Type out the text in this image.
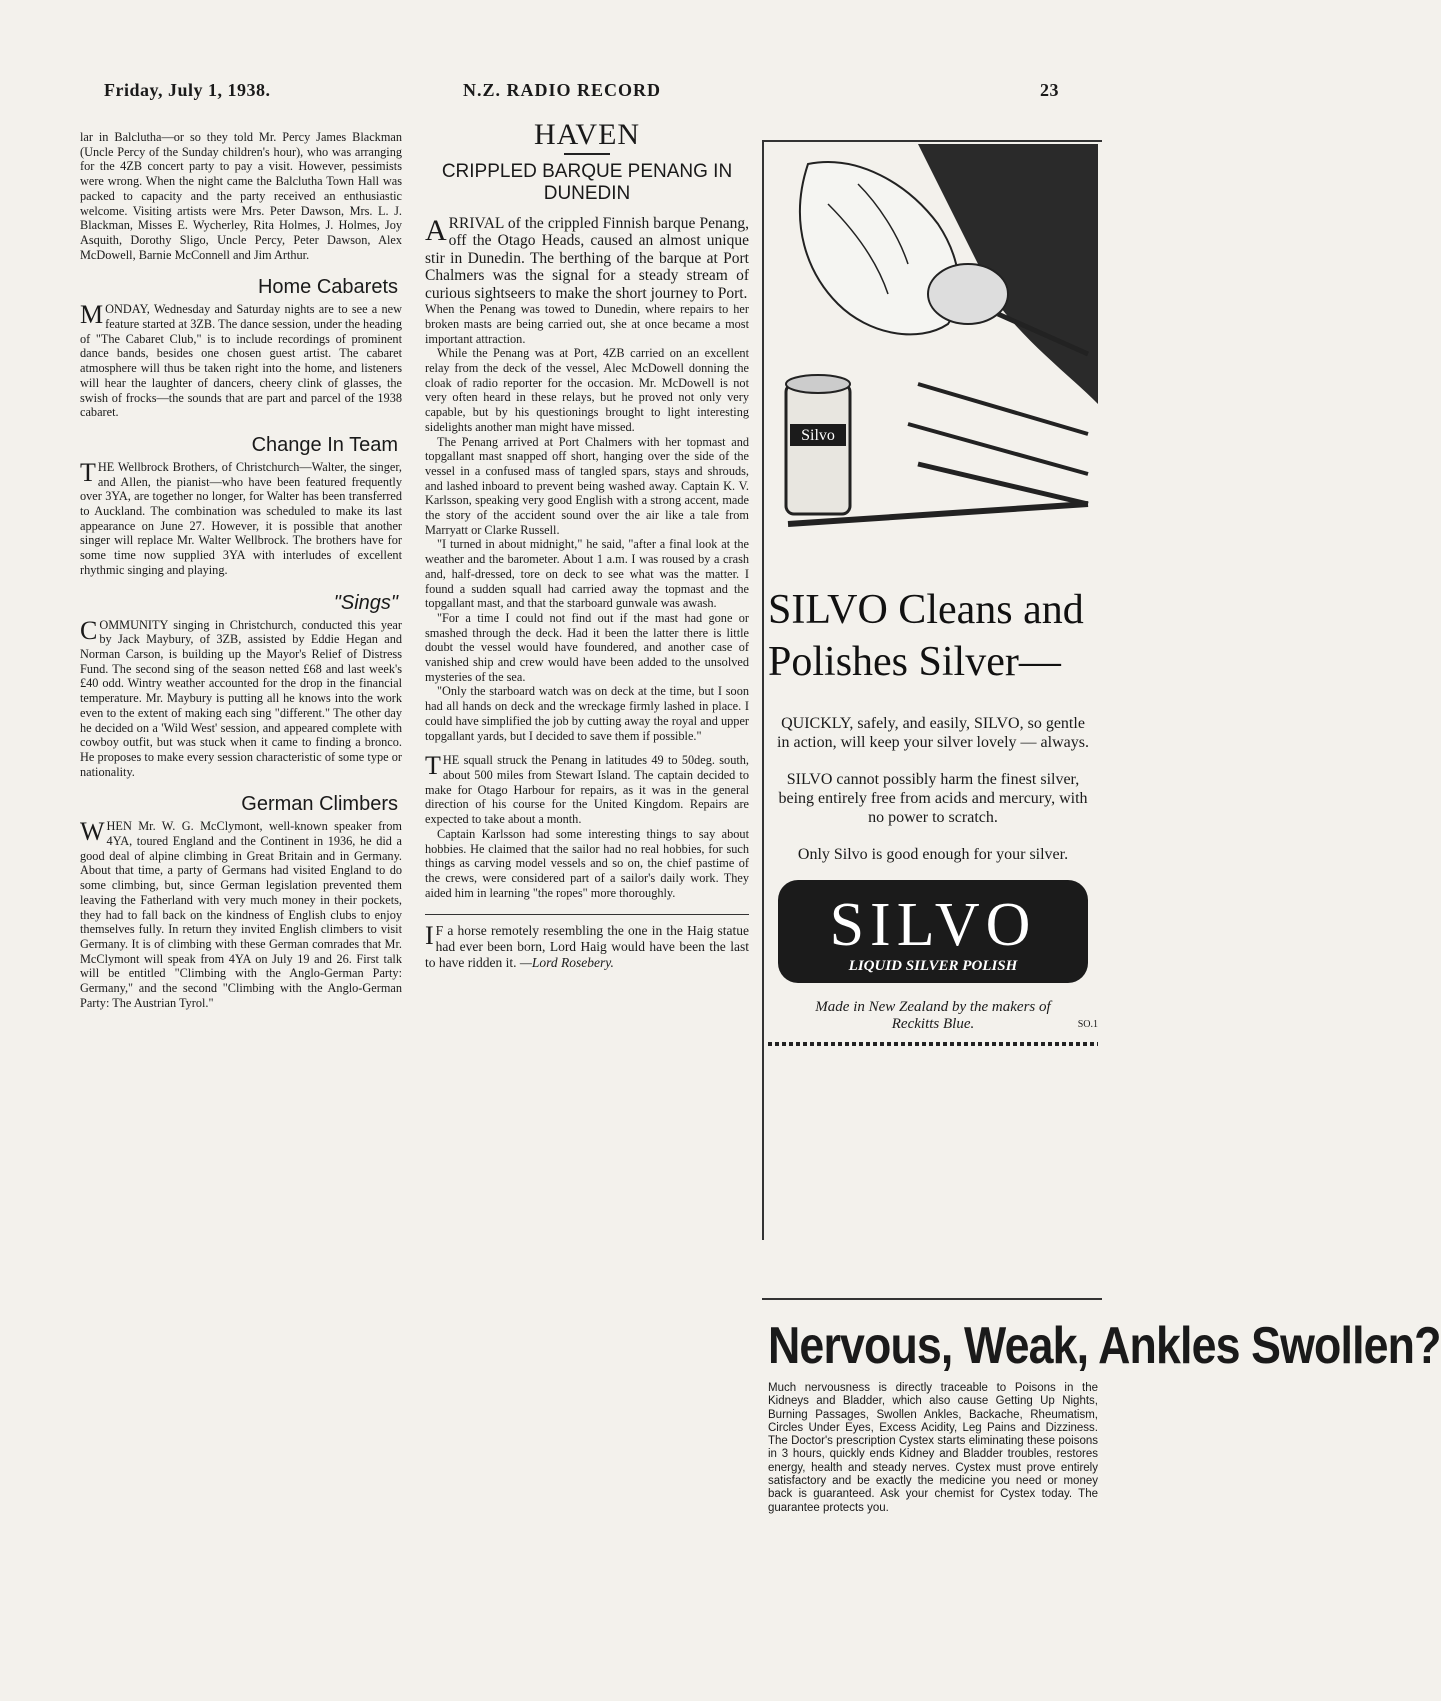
Friday, July 1, 1938.	N.Z. RADIO RECORD	23

lar in Balclutha—or so they told Mr. Percy James Blackman (Uncle Percy of the Sunday children's hour), who was arranging for the 4ZB concert party to pay a visit. However, pessimists were wrong. When the night came the Balclutha Town Hall was packed to capacity and the party received an enthusiastic welcome. Visiting artists were Mrs. Peter Dawson, Mrs. L. J. Blackman, Misses E. Wycherley, Rita Holmes, J. Holmes, Joy Asquith, Dorothy Sligo, Uncle Percy, Peter Dawson, Alex McDowell, Barnie McConnell and Jim Arthur.

Home Cabarets

MONDAY, Wednesday and Saturday nights are to see a new feature started at 3ZB. The dance session, under the heading of "The Cabaret Club," is to include recordings of prominent dance bands, besides one chosen guest artist. The cabaret atmosphere will thus be taken right into the home, and listeners will hear the laughter of dancers, cheery clink of glasses, the swish of frocks—the sounds that are part and parcel of the 1938 cabaret.

Change In Team

THE Wellbrock Brothers, of Christchurch—Walter, the singer, and Allen, the pianist—who have been featured frequently over 3YA, are together no longer, for Walter has been transferred to Auckland. The combination was scheduled to make its last appearance on June 27. However, it is possible that another singer will replace Mr. Walter Wellbrock. The brothers have for some time now supplied 3YA with interludes of excellent rhythmic singing and playing.

"Sings"

COMMUNITY singing in Christchurch, conducted this year by Jack Maybury, of 3ZB, assisted by Eddie Hegan and Norman Carson, is building up the Mayor's Relief of Distress Fund. The second sing of the season netted £68 and last week's £40 odd. Wintry weather accounted for the drop in the financial temperature. Mr. Maybury is putting all he knows into the work even to the extent of making each sing "different." The other day he decided on a 'Wild West' session, and appeared complete with cowboy outfit, but was stuck when it came to finding a bronco. He proposes to make every session characteristic of some type or nationality.

German Climbers

WHEN Mr. W. G. McClymont, well-known speaker from 4YA, toured England and the Continent in 1936, he did a good deal of alpine climbing in Great Britain and in Germany. About that time, a party of Germans had visited England to do some climbing, but, since German legislation prevented them leaving the Fatherland with very much money in their pockets, they had to fall back on the kindness of English clubs to enjoy themselves fully. In return they invited English climbers to visit Germany. It is of climbing with these German comrades that Mr. McClymont will speak from 4YA on July 19 and 26. First talk will be entitled "Climbing with the Anglo-German Party: Germany," and the second "Climbing with the Anglo-German Party: The Austrian Tyrol."

HAVEN
CRIPPLED BARQUE PENANG IN DUNEDIN

ARRIVAL of the crippled Finnish barque Penang, off the Otago Heads, caused an almost unique stir in Dunedin. The berthing of the barque at Port Chalmers was the signal for a steady stream of curious sightseers to make the short journey to Port.

When the Penang was towed to Dunedin, where repairs to her broken masts are being carried out, she at once became a most important attraction.

While the Penang was at Port, 4ZB carried on an excellent relay from the deck of the vessel, Alec McDowell donning the cloak of radio reporter for the occasion. Mr. McDowell is not very often heard in these relays, but he proved not only very capable, but by his questionings brought to light interesting sidelights another man might have missed.

The Penang arrived at Port Chalmers with her topmast and topgallant mast snapped off short, hanging over the side of the vessel in a confused mass of tangled spars, stays and shrouds, and lashed inboard to prevent being washed away. Captain K. V. Karlsson, speaking very good English with a strong accent, made the story of the accident sound over the air like a tale from Marryatt or Clarke Russell.

"I turned in about midnight," he said, "after a final look at the weather and the barometer. About 1 a.m. I was roused by a crash and, half-dressed, tore on deck to see what was the matter. I found a sudden squall had carried away the topmast and the topgallant mast, and that the starboard gunwale was awash.

"For a time I could not find out if the mast had gone or smashed through the deck. Had it been the latter there is little doubt the vessel would have foundered, and another case of vanished ship and crew would have been added to the unsolved mysteries of the sea.

"Only the starboard watch was on deck at the time, but I soon had all hands on deck and the wreckage firmly lashed in place. I could have simplified the job by cutting away the royal and upper topgallant yards, but I decided to save them if possible."

THE squall struck the Penang in latitudes 49 to 50deg. south, about 500 miles from Stewart Island. The captain decided to make for Otago Harbour for repairs, as it was in the general direction of his course for the United Kingdom. Repairs are expected to take about a month.

Captain Karlsson had some interesting things to say about hobbies. He claimed that the sailor had no real hobbies, for such things as carving model vessels and so on, the chief pastime of the crews, were considered part of a sailor's daily work. They aided him in learning "the ropes" more thoroughly.

I F a horse remotely resembling the one in the Haig statue had ever been born, Lord Haig would have been the last to have ridden it. —Lord Rosebery.

Silvo
SILVO Cleans and Polishes Silver—

QUICKLY, safely, and easily, SILVO, so gentle in action, will keep your silver lovely — always.

SILVO cannot possibly harm the finest silver, being entirely free from acids and mercury, with no power to scratch.

Only Silvo is good enough for your silver.

SILVO
LIQUID SILVER POLISH
Made in New Zealand by the makers of Reckitts Blue.	SO.1
Nervous, Weak, Ankles Swollen?

Much nervousness is directly traceable to Poisons in the Kidneys and Bladder, which also cause Getting Up Nights, Burning Passages, Swollen Ankles, Backache, Rheumatism, Circles Under Eyes, Excess Acidity, Leg Pains and Dizziness. The Doctor's prescription Cystex starts eliminating these poisons in 3 hours, quickly ends Kidney and Bladder troubles, restores energy, health and steady nerves. Cystex must prove entirely satisfactory and be exactly the medicine you need or money back is guaranteed. Ask your chemist for Cystex today. The guarantee protects you.
